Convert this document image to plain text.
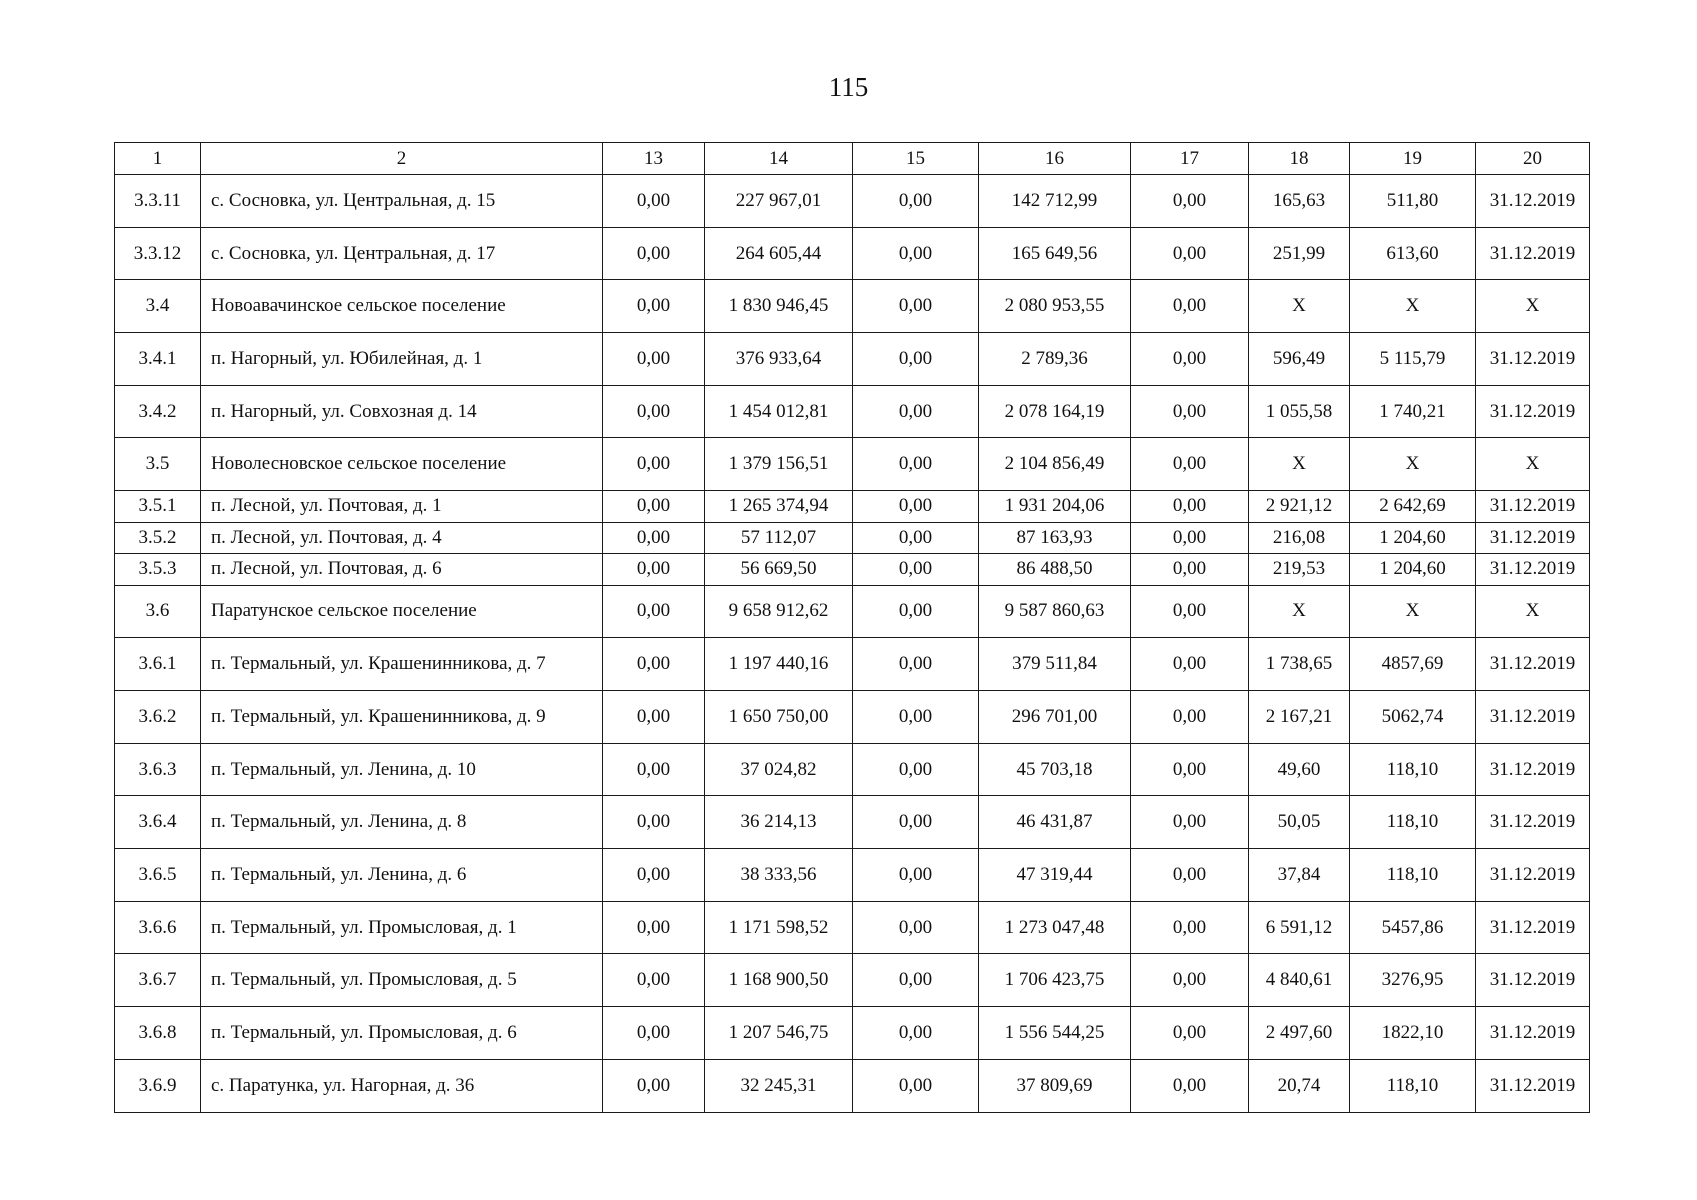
115
1	2	13	14	15	16	17	18	19	20
3.3.11	с. Сосновка, ул. Центральная, д. 15	0,00	227 967,01	0,00	142 712,99	0,00	165,63	511,80	31.12.2019
3.3.12	с. Сосновка, ул. Центральная, д. 17	0,00	264 605,44	0,00	165 649,56	0,00	251,99	613,60	31.12.2019
3.4	Новоавачинское сельское поселение	0,00	1 830 946,45	0,00	2 080 953,55	0,00	X	X	X
3.4.1	п. Нагорный, ул. Юбилейная, д. 1	0,00	376 933,64	0,00	2 789,36	0,00	596,49	5 115,79	31.12.2019
3.4.2	п. Нагорный, ул. Совхозная д. 14	0,00	1 454 012,81	0,00	2 078 164,19	0,00	1 055,58	1 740,21	31.12.2019
3.5	Новолесновское сельское поселение	0,00	1 379 156,51	0,00	2 104 856,49	0,00	X	X	X
3.5.1	п. Лесной, ул. Почтовая, д. 1	0,00	1 265 374,94	0,00	1 931 204,06	0,00	2 921,12	2 642,69	31.12.2019
3.5.2	п. Лесной, ул. Почтовая, д. 4	0,00	57 112,07	0,00	87 163,93	0,00	216,08	1 204,60	31.12.2019
3.5.3	п. Лесной, ул. Почтовая, д. 6	0,00	56 669,50	0,00	86 488,50	0,00	219,53	1 204,60	31.12.2019
3.6	Паратунское сельское поселение	0,00	9 658 912,62	0,00	9 587 860,63	0,00	X	X	X
3.6.1	п. Термальный, ул. Крашенинникова, д. 7	0,00	1 197 440,16	0,00	379 511,84	0,00	1 738,65	4857,69	31.12.2019
3.6.2	п. Термальный, ул. Крашенинникова, д. 9	0,00	1 650 750,00	0,00	296 701,00	0,00	2 167,21	5062,74	31.12.2019
3.6.3	п. Термальный, ул. Ленина, д. 10	0,00	37 024,82	0,00	45 703,18	0,00	49,60	118,10	31.12.2019
3.6.4	п. Термальный, ул. Ленина, д. 8	0,00	36 214,13	0,00	46 431,87	0,00	50,05	118,10	31.12.2019
3.6.5	п. Термальный, ул. Ленина, д. 6	0,00	38 333,56	0,00	47 319,44	0,00	37,84	118,10	31.12.2019
3.6.6	п. Термальный, ул. Промысловая, д. 1	0,00	1 171 598,52	0,00	1 273 047,48	0,00	6 591,12	5457,86	31.12.2019
3.6.7	п. Термальный, ул. Промысловая, д. 5	0,00	1 168 900,50	0,00	1 706 423,75	0,00	4 840,61	3276,95	31.12.2019
3.6.8	п. Термальный, ул. Промысловая, д. 6	0,00	1 207 546,75	0,00	1 556 544,25	0,00	2 497,60	1822,10	31.12.2019
3.6.9	с. Паратунка, ул. Нагорная, д. 36	0,00	32 245,31	0,00	37 809,69	0,00	20,74	118,10	31.12.2019
